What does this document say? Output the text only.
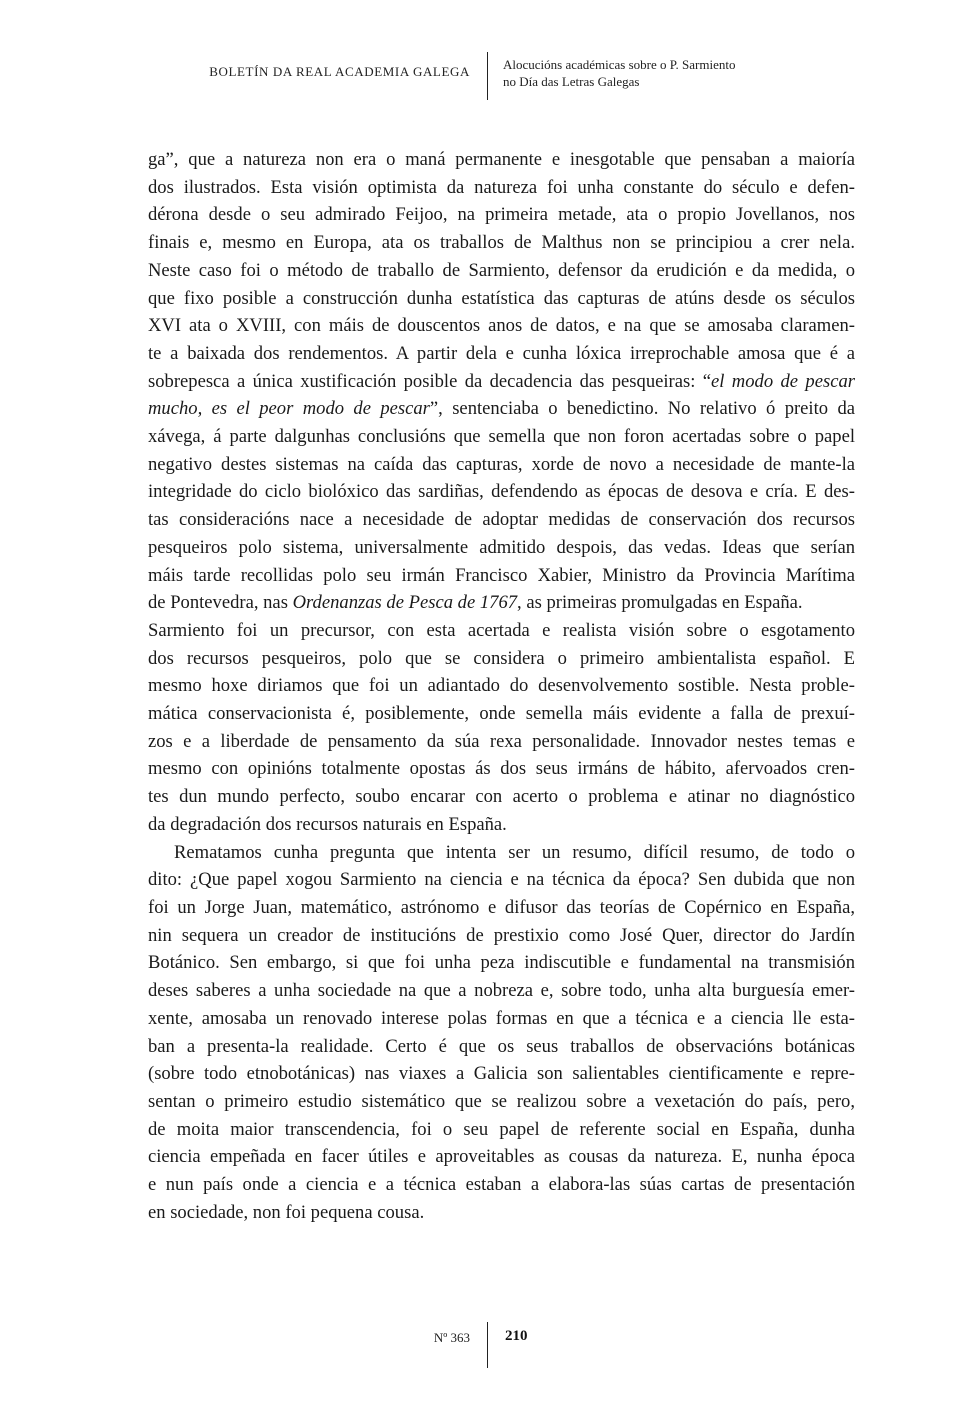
BOLETÍN DA REAL ACADEMIA GALEGA	Alocucións académicas sobre o P. Sarmiento
no Día das Letras Galegas
ga”, que a natureza non era o maná permanente e inesgotable que pensaban a maioría
dos ilustrados. Esta visión optimista da natureza foi unha constante do século e defen-
dérona desde o seu admirado Feijoo, na primeira metade, ata o propio Jovellanos, nos
finais e, mesmo en Europa, ata os traballos de Malthus non se principiou a crer nela.
Neste caso foi o método de traballo de Sarmiento, defensor da erudición e da medida, o
que fixo posible a construcción dunha estatística das capturas de atúns desde os séculos
XVI ata o XVIII, con máis de douscentos anos de datos, e na que se amosaba claramen-
te a baixada dos rendementos. A partir dela e cunha lóxica irreprochable amosa que é a
sobrepesca a única xustificación posible da decadencia das pesqueiras: “el modo de pescar
mucho, es el peor modo de pescar”, sentenciaba o benedictino. No relativo ó preito da
xávega, á parte dalgunhas conclusións que semella que non foron acertadas sobre o papel
negativo destes sistemas na caída das capturas, xorde de novo a necesidade de mante-la
integridade do ciclo biolóxico das sardiñas, defendendo as épocas de desova e cría. E des-
tas consideracións nace a necesidade de adoptar medidas de conservación dos recursos
pesqueiros polo sistema, universalmente admitido despois, das vedas. Ideas que serían
máis tarde recollidas polo seu irmán Francisco Xabier, Ministro da Provincia Marítima
de Pontevedra, nas Ordenanzas de Pesca de 1767, as primeiras promulgadas en España.
Sarmiento foi un precursor, con esta acertada e realista visión sobre o esgotamento
dos recursos pesqueiros, polo que se considera o primeiro ambientalista español. E
mesmo hoxe diriamos que foi un adiantado do desenvolvemento sostible. Nesta proble-
mática conservacionista é, posiblemente, onde semella máis evidente a falla de prexuí-
zos e a liberdade de pensamento da súa rexa personalidade. Innovador nestes temas e
mesmo con opinións totalmente opostas ás dos seus irmáns de hábito, afervoados cren-
tes dun mundo perfecto, soubo encarar con acerto o problema e atinar no diagnóstico
da degradación dos recursos naturais en España.
Rematamos cunha pregunta que intenta ser un resumo, difícil resumo, de todo o
dito: ¿Que papel xogou Sarmiento na ciencia e na técnica da época? Sen dubida que non
foi un Jorge Juan, matemático, astrónomo e difusor das teorías de Copérnico en España,
nin sequera un creador de institucións de prestixio como José Quer, director do Jardín
Botánico. Sen embargo, si que foi unha peza indiscutible e fundamental na transmisión
deses saberes a unha sociedade na que a nobreza e, sobre todo, unha alta burguesía emer-
xente, amosaba un renovado interese polas formas en que a técnica e a ciencia lle esta-
ban a presenta-la realidade. Certo é que os seus traballos de observacións botánicas
(sobre todo etnobotánicas) nas viaxes a Galicia son salientables cientificamente e repre-
sentan o primeiro estudio sistemático que se realizou sobre a vexetación do país, pero,
de moita maior transcendencia, foi o seu papel de referente social en España, dunha
ciencia empeñada en facer útiles e aproveitables as cousas da natureza. E, nunha época
e nun país onde a ciencia e a técnica estaban a elabora-las súas cartas de presentación
en sociedade, non foi pequena cousa.
Nº 363 210
